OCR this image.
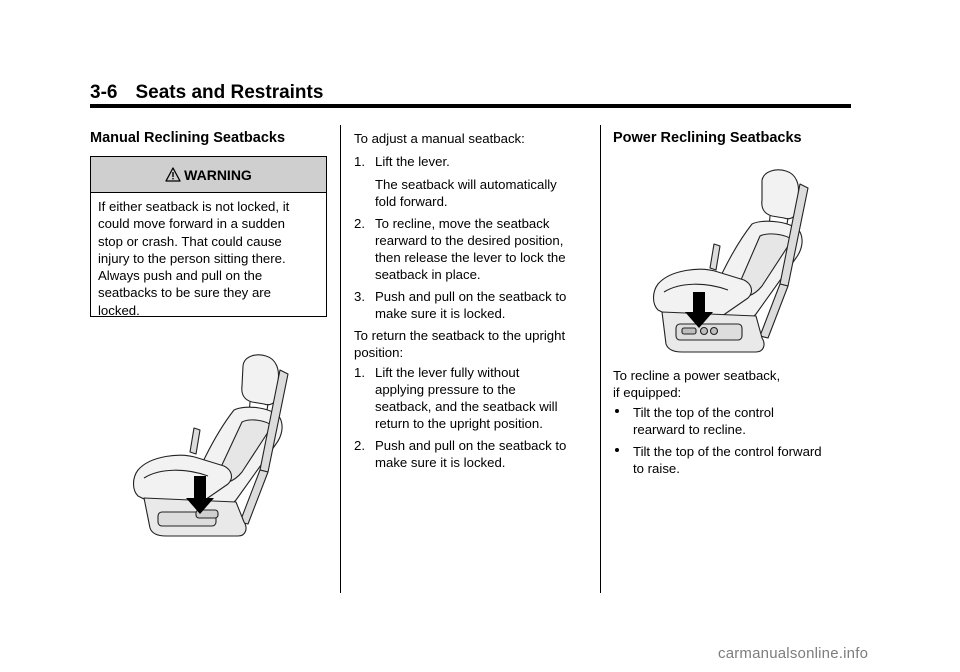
3-6 Seats and Restraints
Manual Reclining Seatbacks
WARNING
If either seatback is not locked, it
could move forward in a sudden
stop or crash. That could cause
injury to the person sitting there.
Always push and pull on the
seatbacks to be sure they are
locked.
To adjust a manual seatback:
1. Lift the lever.
The seatback will automatically
fold forward.
2. To recline, move the seatback
rearward to the desired position,
then release the lever to lock the
seatback in place.
3. Push and pull on the seatback to
make sure it is locked.
To return the seatback to the upright
position:
1. Lift the lever fully without
applying pressure to the
seatback, and the seatback will
return to the upright position.
2. Push and pull on the seatback to
make sure it is locked.
Power Reclining Seatbacks
To recline a power seatback,
if equipped:
Tilt the top of the control
rearward to recline.
Tilt the top of the control forward
to raise.
carmanualsonline.info
